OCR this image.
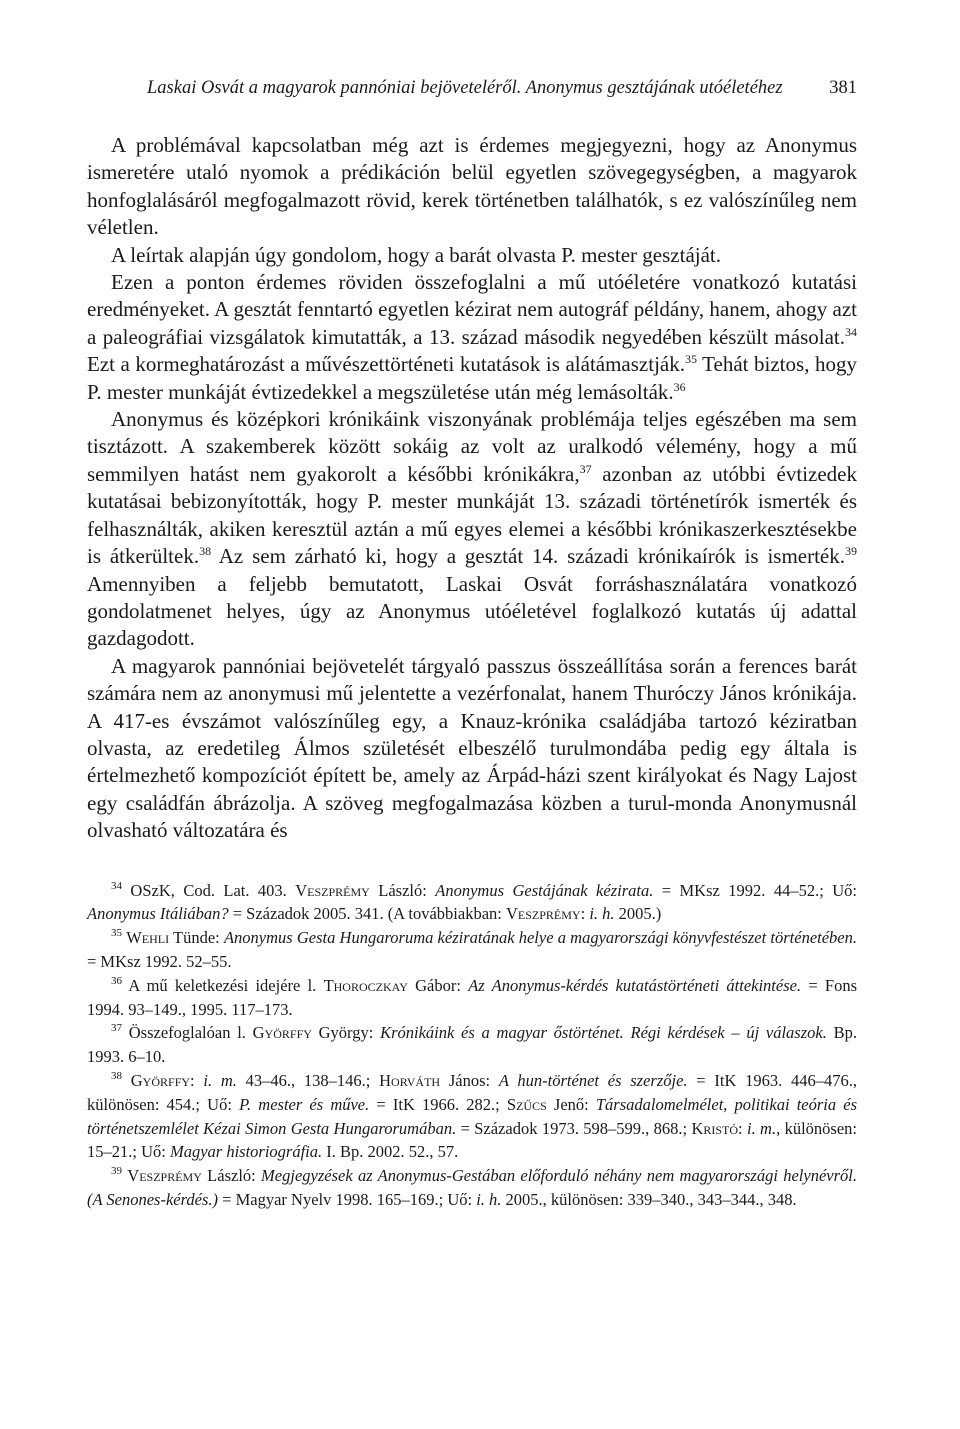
Laskai Osvát a magyarok pannóniai bejöveteléről. Anonymus gesztájának utóéletéhez	381

A problémával kapcsolatban még azt is érdemes megjegyezni, hogy az Anonymus ismeretére utaló nyomok a prédikáción belül egyetlen szövegegységben, a magyarok honfoglalásáról megfogalmazott rövid, kerek történetben találhatók, s ez valószínűleg nem véletlen.

A leírtak alapján úgy gondolom, hogy a barát olvasta P. mester gesztáját.

Ezen a ponton érdemes röviden összefoglalni a mű utóéletére vonatkozó kutatási eredményeket. A gesztát fenntartó egyetlen kézirat nem autográf példány, hanem, ahogy azt a paleográfiai vizsgálatok kimutatták, a 13. század második negyedében készült másolat.$^{34}$ Ezt a kormeghatározást a művészettörténeti kutatások is alátámasztják.$^{35}$ Tehát biztos, hogy P. mester munkáját évtizedekkel a megszületése után még lemásolták.$^{36}$

Anonymus és középkori krónikáink viszonyának problémája teljes egészében ma sem tisztázott. A szakemberek között sokáig az volt az uralkodó vélemény, hogy a mű semmilyen hatást nem gyakorolt a későbbi krónikákra,$^{37}$ azonban az utóbbi évtizedek kutatásai bebizonyították, hogy P. mester munkáját 13. századi történetírók ismerték és felhasználták, akiken keresztül aztán a mű egyes elemei a későbbi krónikaszerkesztésekbe is átkerültek.$^{38}$ Az sem zárható ki, hogy a gesztát 14. századi krónikaírók is ismerték.$^{39}$ Amennyiben a feljebb bemutatott, Laskai Osvát forráshasználatára vonatkozó gondolatmenet helyes, úgy az Anonymus utóéletével foglalkozó kutatás új adattal gazdagodott.

A magyarok pannóniai bejövetelét tárgyaló passzus összeállítása során a ferences barát számára nem az anonymusi mű jelentette a vezérfonalat, hanem Thuróczy János krónikája. A 417-es évszámot valószínűleg egy, a Knauz-krónika családjába tartozó kéziratban olvasta, az eredetileg Álmos születését elbeszélő turulmondába pedig egy általa is értelmezhető kompozíciót épített be, amely az Árpád-házi szent királyokat és Nagy Lajost egy családfán ábrázolja. A szöveg megfogalmazása közben a turul-monda Anonymusnál olvasható változatára és

$^{34}$ OSzK, Cod. Lat. 403. Veszprémy László: Anonymus Gestájának kézirata. = MKsz 1992. 44–52.; Uő: Anonymus Itáliában? = Századok 2005. 341. (A továbbiakban: Veszprémy: i. h. 2005.)

$^{35}$ Wehli Tünde: Anonymus Gesta Hungaroruma kéziratának helye a magyarországi könyvfestészet történetében. = MKsz 1992. 52–55.

$^{36}$ A mű keletkezési idejére l. Thoroczkay Gábor: Az Anonymus-kérdés kutatástörténeti áttekintése. = Fons 1994. 93–149., 1995. 117–173.

$^{37}$ Összefoglalóan l. Györffy György: Krónikáink és a magyar őstörténet. Régi kérdések – új válaszok. Bp. 1993. 6–10.

$^{38}$ Györffy: i. m. 43–46., 138–146.; Horváth János: A hun-történet és szerzője. = ItK 1963. 446–476., különösen: 454.; Uő: P. mester és műve. = ItK 1966. 282.; Szűcs Jenő: Társadalomelmélet, politikai teória és történetszemlélet Kézai Simon Gesta Hungarorumában. = Századok 1973. 598–599., 868.; Kristó: i. m., különösen: 15–21.; Uő: Magyar historiográfia. I. Bp. 2002. 52., 57.

$^{39}$ Veszprémy László: Megjegyzések az Anonymus-Gestában előforduló néhány nem magyarországi helynévről. (A Senones-kérdés.) = Magyar Nyelv 1998. 165–169.; Uő: i. h. 2005., különösen: 339–340., 343–344., 348.
